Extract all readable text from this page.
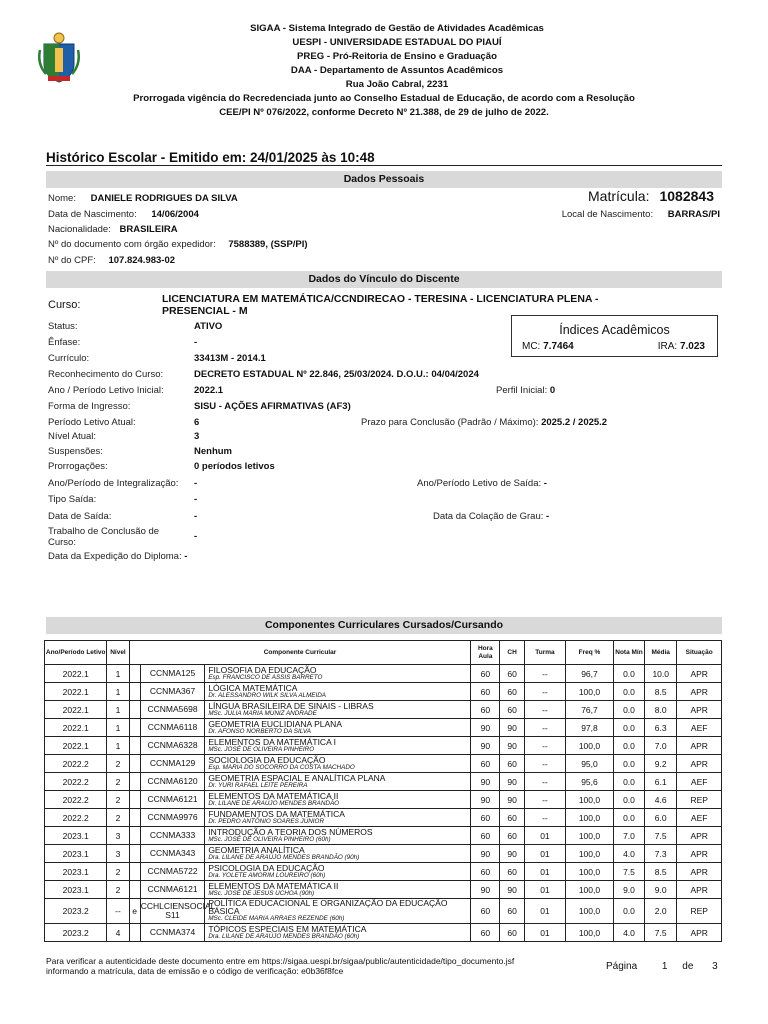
SIGAA - Sistema Integrado de Gestão de Atividades Acadêmicas
UESPI - UNIVERSIDADE ESTADUAL DO PIAUÍ
PREG - Pró-Reitoria de Ensino e Graduação
DAA - Departamento de Assuntos Acadêmicos
Rua João Cabral, 2231
Prorrogada vigência do Recredenciada junto ao Conselho Estadual de Educação, de acordo com a Resolução
CEE/PI Nº 076/2022, conforme Decreto Nº 21.388, de 29 de julho de 2022.
Histórico Escolar - Emitido em: 24/01/2025 às 10:48
Dados Pessoais
Nome: DANIELE RODRIGUES DA SILVA	Matrícula: 1082843
Data de Nascimento: 14/06/2004	Local de Nascimento: BARRAS/PI
Nacionalidade: BRASILEIRA
Nº do documento com órgão expedidor: 7588389, (SSP/PI)
Nº do CPF: 107.824.983-02
Dados do Vínculo do Discente
Curso:	LICENCIATURA EM MATEMÁTICA/CCNDIRECAO - TERESINA - LICENCIATURA PLENA -
PRESENCIAL - M
Índices Acadêmicos
MC: 7.7464	IRA: 7.023
Status:	ATIVO
Ênfase:	-
Currículo:	33413M - 2014.1
Reconhecimento do Curso:	DECRETO ESTADUAL Nº 22.846, 25/03/2024. D.O.U.: 04/04/2024
Ano / Período Letivo Inicial:	2022.1	Perfil Inicial: 0
Forma de Ingresso:	SISU - AÇÕES AFIRMATIVAS (AF3)
Período Letivo Atual:	6	Prazo para Conclusão (Padrão / Máximo): 2025.2 / 2025.2
Nível Atual:	3
Suspensões:	Nenhum
Prorrogações:	0 períodos letivos
Ano/Período de Integralização: -	Ano/Período Letivo de Saída: -
Tipo Saída:	-
Data de Saída:	-	Data da Colação de Grau: -
Trabalho de Conclusão de
Curso:
-
Data da Expedição do Diploma: -
Componentes Curriculares Cursados/Cursando
Ano/Período Letivo	Nível	Componente Curricular			Hora Aula	CH	Turma	Freq %	Nota Mín	Média	Situação
2022.1	1		CCNMA125	FILOSOFIA DA EDUCAÇÃO
Esp. FRANCISCO DE ASSIS BARRETO	60	60	--	96,7	0.0	10.0	APR
2022.1	1		CCNMA367	LÓGICA MATEMÁTICA
Dr. ALESSANDRO WILK SILVA ALMEIDA	60	60	--	100,0	0.0	8.5	APR
2022.1	1		CCNMA5698	LÍNGUA BRASILEIRA DE SINAIS - LIBRAS
MSc. JULIA MARIA MUNIZ ANDRADE	60	60	--	76,7	0.0	8.0	APR
2022.1	1		CCNMA6118	GEOMETRIA EUCLIDIANA PLANA
Dr. AFONSO NORBERTO DA SILVA	90	90	--	97,8	0.0	6.3	AEF
2022.1	1		CCNMA6328	ELEMENTOS DA MATEMÁTICA I
MSc. JOSÉ DE OLIVEIRA PINHEIRO	90	90	--	100,0	0.0	7.0	APR
2022.2	2		CCNMA129	SOCIOLOGIA DA EDUCAÇÃO
Esp. MARIA DO SOCORRO DA COSTA MACHADO	60	60	--	95,0	0.0	9.2	APR
2022.2	2		CCNMA6120	GEOMETRIA ESPACIAL E ANALÍTICA PLANA
Dr. YURI RAFAEL LEITE PEREIRA	90	90	--	95,6	0.0	6.1	AEF
2022.2	2		CCNMA6121	ELEMENTOS DA MATEMÁTICA II
Dr. LILANE DE ARAÚJO MENDES BRANDÃO	90	90	--	100,0	0.0	4.6	REP
2022.2	2		CCNMA9976	FUNDAMENTOS DA MATEMÁTICA
Dr. PEDRO ANTÔNIO SOARES JÚNIOR	60	60	--	100,0	0.0	6.0	AEF
2023.1	3		CCNMA333	INTRODUÇÃO A TEORIA DOS NÚMEROS
MSc. JOSÉ DE OLIVEIRA PINHEIRO (60h)	60	60	01	100,0	7.0	7.5	APR
2023.1	3		CCNMA343	GEOMETRIA ANALÍTICA
Dra. LILANE DE ARAÚJO MENDES BRANDÃO (90h)	90	90	01	100,0	4.0	7.3	APR
2023.1	2		CCNMA5722	PSICOLOGIA DA EDUCAÇÃO
Dra. YOLETE AMORIM LOUREIRO (60h)	60	60	01	100,0	7.5	8.5	APR
2023.1	2		CCNMA6121	ELEMENTOS DA MATEMÁTICA II
MSc. JOSÉ DE JESUS UCHOA (90h)	90	90	01	100,0	9.0	9.0	APR
2023.2	--	e	CCHLCIENSOCIAL S11	POLÍTICA EDUCACIONAL E ORGANIZAÇÃO DA EDUCAÇÃO BÁSICA
MSc. CLEIDE MARIA ARRAES REZENDE (60h)	60	60	01	100,0	0.0	2.0	REP
2023.2	4		CCNMA374	TÓPICOS ESPECIAIS EM MATEMÁTICA
Dra. LILANE DE ARAÚJO MENDES BRANDÃO (60h)	60	60	01	100,0	4.0	7.5	APR
Para verificar a autenticidade deste documento entre em https://sigaa.uespi.br/sigaa/public/autenticidade/tipo_documento.jsf
informando a matrícula, data de emissão e o código de verificação: e0b36f8fce	Página 1 de 3
